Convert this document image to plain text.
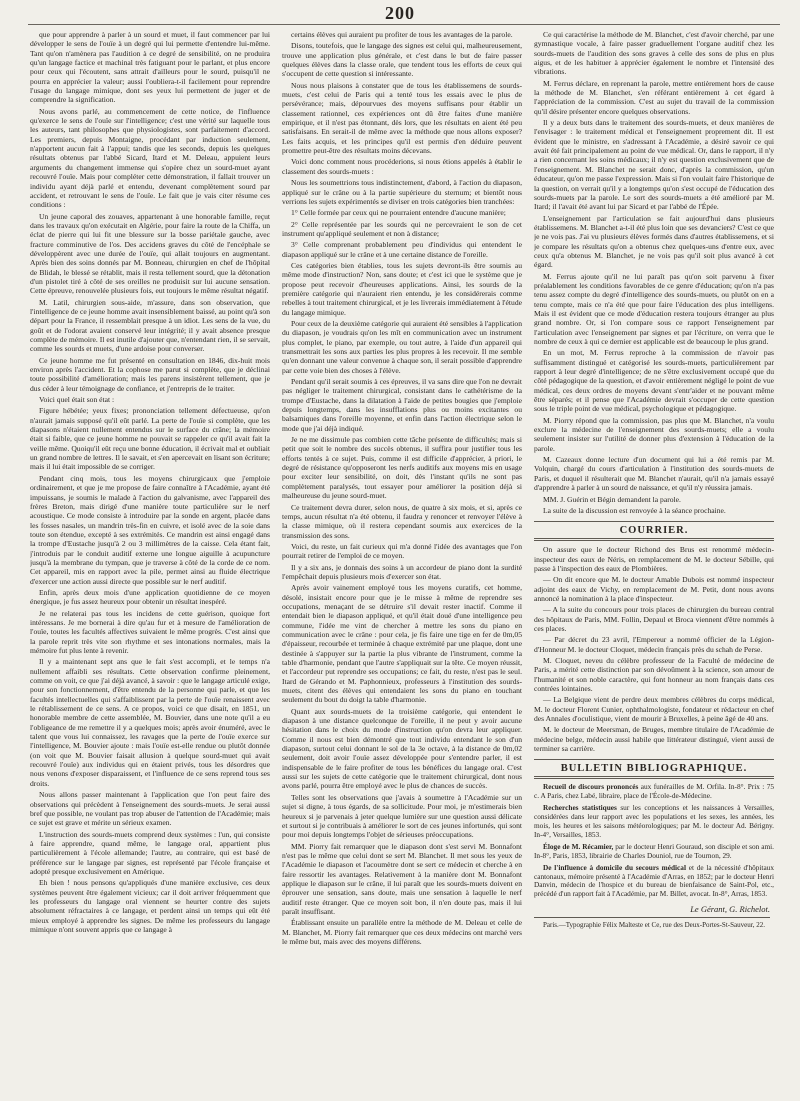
200

que pour apprendre à parler à un sourd et muet, il faut commencer par lui développer le sens de l'ouïe à un degré qui lui permette d'entendre lui-même. Tant qu'on n'amènera pas l'audition à ce degré de sensibilité, on ne produira qu'un langage factice et machinal très fatiguant pour le parlant, et plus encore pour ceux qui l'écoutent, sans attrait d'ailleurs pour le sourd, puisqu'il ne pourra en apprécier la valeur; aussi l'oubliera-t-il facilement pour reprendre l'usage du langage mimique, dont ses yeux lui permettent de juger et de comprendre la signification.

Nous avons parlé, au commencement de cette notice, de l'influence qu'exerce le sens de l'ouïe sur l'intelligence; c'est une vérité sur laquelle tous les auteurs, tant philosophes que physiologistes, sont parfaitement d'accord. Les premiers, depuis Montaigne, procédant par induction seulement, n'apportent aucun fait à l'appui; tandis que les seconds, depuis les quelques résultats obtenus par l'abbé Sicard, Itard et M. Deleau, appuient leurs arguments du changement immense qui s'opère chez un sourd-muet ayant recouvré l'ouïe. Mais pour compléter cette démonstration, il fallait trouver un individu ayant déjà parlé et entendu, devenant complètement sourd par accident, et retrouvant le sens de l'ouïe. Le fait que je vais citer résume ces conditions :

Un jeune caporal des zouaves, appartenant à une honorable famille, reçut dans les travaux qu'on exécutait en Algérie, pour faire la route de la Chiffa, un éclat de pierre qui lui fit une blessure sur la bosse pariétale gauche, avec fracture comminutive de l'os. Des accidens graves du côté de l'encéphale se développèrent avec une durée de l'ouïe, qui allait toujours en augmentant. Après bien des soins donnés par M. Bonneau, chirurgien en chef de l'hôpital de Blidah, le blessé se rétablit, mais il resta tellement sourd, que la détonation d'un pistolet tiré à côté de ses oreilles ne produisit sur lui aucune sensation. Cette épreuve, renouvelée plusieurs fois, eut toujours le même résultat négatif.

M. Latil, chirurgien sous-aide, m'assure, dans son observation, que l'intelligence de ce jeune homme avait insensiblement baissé, au point qu'à son départ pour la France, il ressemblait presque à un idiot. Les sens de la vue, du goût et de l'odorat avaient conservé leur intégrité; il y avait absence presque complète de mémoire. Il est inutile d'ajouter que, n'entendant rien, il se servait, comme les sourds et muets, d'une ardoise pour converser.

Ce jeune homme me fut présenté en consultation en 1846, dix-huit mois environ après l'accident. Et la cophose me parut si complète, que je déclinai toute possibilité d'amélioration; mais les parens insistèrent tellement, que je dus céder à leur témoignage de confiance, et j'entrepris de le traiter.

Voici quel était son état :

Figure hébétée; yeux fixes; prononciation tellement défectueuse, qu'on n'aurait jamais supposé qu'il eût parlé. La perte de l'ouïe si complète, que les diapasons n'étaient nullement entendus sur le surface du crâne; la mémoire était si faible, que ce jeune homme ne pouvait se rappeler ce qu'il avait fait la veille même. Quoiqu'il eût reçu une bonne éducation, il écrivait mal et oubliait un grand nombre de lettres. Il le savait, et s'en apercevait en lisant son écriture; mais il lui était impossible de se corriger.

Pendant cinq mois, tous les moyens chirurgicaux que j'emploie ordinairement, et que je me propose de faire connaître à l'Académie, ayant été impuissans, je soumis le malade à l'action du galvanisme, avec l'appareil des frères Breton, mais dirigé d'une manière toute particulière sur le nerf acoustique. Ce mode consiste à introduire par la sonde en argent, placée dans les fosses nasales, un mandrin très-fin en cuivre, et isolé avec de la soie dans toute son étendue, excepté à ses extrémités. Ce mandrin est ainsi engagé dans la trompe d'Eustache jusqu'à 2 ou 3 millimètres de la caisse. Cela étant fait, j'introduis par le conduit auditif externe une longue aiguille à acupuncture jusqu'à la membrane du tympan, que je traverse à côté de la corde de ce nom. Cet appareil, mis en rapport avec la pile, permet ainsi au fluide électrique d'exercer une action aussi directe que possible sur le nerf auditif.

Enfin, après deux mois d'une application quotidienne de ce moyen énergique, je fus assez heureux pour obtenir un résultat inespéré.

Je ne relaterai pas tous les incidens de cette guérison, quoique fort intéressans. Je me bornerai à dire qu'au fur et à mesure de l'amélioration de l'ouïe, toutes les facultés affectives suivaient le même progrès. C'est ainsi que la parole reprit très vite son rhythme et ses intonations normales, mais la mémoire fut plus lente à revenir.

Il y a maintenant sept ans que le fait s'est accompli, et le temps n'a nullement affaibli ses résultats. Cette observation confirme pleinement, comme on voit, ce que j'ai déjà avancé, à savoir : que le langage articulé exige, pour son fonctionnement, d'être entendu de la personne qui parle, et que les facultés intellectuelles qui s'affaiblissent par la perte de l'ouïe renaissent avec le rétablissement de ce sens. A ce propos, voici ce que disait, en 1851, un honorable membre de cette assemblée, M. Bouvier, dans une note qu'il a eu l'obligeance de me remettre il y a quelques mois; après avoir énuméré, avec le talent que vous lui connaissez, les ravages que la perte de l'ouïe exerce sur l'intelligence, M. Bouvier ajoute : mais l'ouïe est-elle rendue ou plutôt donnée (on voit que M. Bouvier faisait allusion à quelque sourd-muet qui avait recouvré l'ouïe) aux individus qui en étaient privés, tous les désordres que nous venons d'exposer disparaissent, et l'influence de ce sens reprend tous ses droits.

Nous allons passer maintenant à l'application que l'on peut faire des observations qui précèdent à l'enseignement des sourds-muets. Je serai aussi bref que possible, ne voulant pas trop abuser de l'attention de l'Académie; mais ce sujet est grave et mérite un sérieux examen.

L'instruction des sourds-muets comprend deux systèmes : l'un, qui consiste à faire apprendre, quand même, le langage oral, appartient plus particulièrement à l'école allemande; l'autre, au contraire, qui est basé de préférence sur le langage par signes, est représenté par l'école française et adopté presque exclusivement en Amérique.

Eh bien ! nous pensons qu'appliqués d'une manière exclusive, ces deux systèmes peuvent être également vicieux; car il doit arriver fréquemment que les professeurs du langage oral viennent se heurter contre des sujets absolument réfractaires à ce langage, et perdent ainsi un temps qui eût été mieux employé à apprendre les signes. De même les professeurs du langage mimique n'ont souvent appris que ce langage à

certains élèves qui auraient pu profiter de tous les avantages de la parole.

Disons, toutefois, que le langage des signes est celui qui, malheureusement, trouve une application plus générale, et c'est dans le but de faire passer quelques élèves dans la classe orale, que tendent tous les efforts de ceux qui s'occupent de cette question si intéressante.

Nous nous plaisons à constater que de tous les établissemens de sourds-muets, c'est celui de Paris qui a tenté tous les essais avec le plus de persévérance; mais, dépourvues des moyens suffisans pour établir un classement rationnel, ces expériences ont dû être faites d'une manière empirique, et il n'est pas étonnant, dès lors, que les résultats en aient été peu satisfaisans. En serait-il de même avec la méthode que nous allons exposer? Les faits acquis, et les principes qu'il est permis d'en déduire peuvent promettre peut-être des résultats moins décevans.

Voici donc comment nous procéderions, si nous étions appelés à établir le classement des sourds-muets :

Nous les soumettrions tous indistinctement, d'abord, à l'action du diapason, appliqué sur le crâne ou à la partie supérieure du sternum; et bientôt nous verrions les sujets expérimentés se diviser en trois catégories bien tranchées:

1° Celle formée par ceux qui ne pourraient entendre d'aucune manière;

2° Celle représentée par les sourds qui ne percevraient le son de cet instrument qu'appliqué seulement et non à distance;

3° Celle comprenant probablement peu d'individus qui entendent le diapason appliqué sur le crâne et à une certaine distance de l'oreille.

Ces catégories bien établies, tous les sujets devront-ils être soumis au même mode d'instruction? Non, sans doute; et c'est ici que le système que je propose peut recevoir d'heureuses applications. Ainsi, les sourds de la première catégorie qui n'auraient rien entendu, je les considérerais comme rebelles à tout traitement chirurgical, et je les livrerais immédiatement à l'étude du langage mimique.

Pour ceux de la deuxième catégorie qui auraient été sensibles à l'application du diapason, je voudrais qu'on les mît en communication avec un instrument plus complet, le piano, par exemple, ou tout autre, à l'aide d'un appareil qui transmettrait les sons aux parties les plus propres à les recevoir. Il me semble qu'en donnant une valeur convenue à chaque son, il serait possible d'apprendre par cette voie bien des choses à l'élève.

Pendant qu'il serait soumis à ces épreuves, il va sans dire que l'on ne devrait pas négliger le traitement chirurgical, consistant dans le cathétérisme de la trompe d'Eustache, dans la dilatation à l'aide de petites bougies que j'emploie depuis longtemps, dans les insufflations plus ou moins excitantes ou balsamiques dans l'oreille moyenne, et enfin dans l'action électrique selon le mode que j'ai déjà indiqué.

Je ne me dissimule pas combien cette tâche présente de difficultés; mais si petit que soit le nombre des succès obtenus, il suffira pour justifier tous les efforts tentés à ce sujet. Puis, comme il est difficile d'apprécier, à priori, le degré de résistance qu'opposeront les nerfs auditifs aux moyens mis en usage pour exciter leur sensibilité, on doit, dès l'instant qu'ils ne sont pas complètement paralysés, tout essayer pour améliorer la position déjà si malheureuse du jeune sourd-muet.

Ce traitement devra durer, selon nous, de quatre à six mois, et si, après ce temps, aucun résultat n'a été obtenu, il faudra y renoncer et renvoyer l'élève à la classe mimique, où il restera cependant soumis aux exercices de la transmission des sons.

Voici, du reste, un fait curieux qui m'a donné l'idée des avantages que l'on pourrait retirer de l'emploi de ce moyen.

Il y a six ans, je donnais des soins à un accordeur de piano dont la surdité l'empêchait depuis plusieurs mois d'exercer son état.

Après avoir vainement employé tous les moyens curatifs, cet homme, désolé, insistait encore pour que je le misse à même de reprendre ses occupations, menaçant de se détruire s'il devait rester inactif. Comme il entendait bien le diapason appliqué, et qu'il était doué d'une intelligence peu commune, l'idée me vint de chercher à mettre les sons du piano en communication avec le crâne : pour cela, je fis faire une tige en fer de 0m,05 d'épaisseur, recourbée et terminée à chaque extrémité par une plaque, dont une destinée à s'appuyer sur la partie la plus vibrante de l'instrument, comme la table d'harmonie, pendant que l'autre s'appliquait sur la tête. Ce moyen réussit, et l'accordeur put reprendre ses occupations; ce fait, du reste, n'est pas le seul. Itard de Gérando et M. Paphonnieux, professeurs à l'institution des sourds-muets, citent des élèves qui entendaient les sons du piano en touchant seulement du bout du doigt la table d'harmonie.

Quant aux sourds-muets de la troisième catégorie, qui entendent le diapason à une distance quelconque de l'oreille, il ne peut y avoir aucune hésitation dans le choix du mode d'instruction qu'on devra leur appliquer. Comme il nous est bien démontré que tout individu entendant le son d'un diapason, surtout celui donnant le sol de la 3e octave, à la distance de 0m,02 seulement, doit avoir l'ouïe assez développée pour s'entendre parler, il est indispensable de le faire profiter de tous les bénéfices du langage oral. C'est aussi sur les sujets de cette catégorie que le traitement chirurgical, dont nous avons parlé, pourra être employé avec le plus de chances de succès.

Telles sont les observations que j'avais à soumettre à l'Académie sur un sujet si digne, à tous égards, de sa sollicitude. Pour moi, je m'estimerais bien heureux si je parvenais à jeter quelque lumière sur une question aussi délicate et surtout si je contribuais à améliorer le sort de ces jeunes infortunés, qui sont pour moi depuis longtemps l'objet de sérieuses préoccupations.

MM. Piorry fait remarquer que le diapason dont s'est servi M. Bonnafont n'est pas le même que celui dont se sert M. Blanchet. Il met sous les yeux de l'Académie le diapason et l'acoumètre dont se sert ce médecin et cherche à en faire ressortir les avantages. Relativement à la manière dont M. Bonnafont applique le diapason sur le crâne, il lui paraît que les sourds-muets doivent en éprouver une sensation, sans doute, mais une sensation à laquelle le nerf auditif reste étranger. Que ce moyen soit bon, il n'en doute pas, mais il lui paraît insuffisant.

Établissant ensuite un parallèle entre la méthode de M. Deleau et celle de M. Blanchet, M. Piorry fait remarquer que ces deux médecins ont marché vers le même but, mais avec des moyens différens.

Ce qui caractérise la méthode de M. Blanchet, c'est d'avoir cherché, par une gymnastique vocale, à faire passer graduellement l'organe auditif chez les sourds-muets de l'audition des sons graves à celle des sons de plus en plus aigus, et de les habituer à apprécier également le nombre et l'intensité des vibrations.

M. Ferrus déclare, en reprenant la parole, mettre entièrement hors de cause la méthode de M. Blanchet, s'en référant entièrement à cet égard à l'appréciation de la commission. C'est au sujet du travail de la commission qu'il désire présenter encore quelques observations.

Il y a deux buts dans le traitement des sourds-muets, et deux manières de l'envisager : le traitement médical et l'enseignement proprement dit. Il est évident que le ministre, en s'adressant à l'Académie, a désiré savoir ce qui avait été fait principalement au point de vue médical. Or, dans le rapport, il n'y a rien concernant les soins médicaux; il n'y est question exclusivement que de l'enseignement. M. Blanchet ne serait donc, d'après la commission, qu'un éducateur, qu'on me passe l'expression. Mais si l'on voulait faire l'historique de la question, on verrait qu'il y a longtemps qu'on s'est occupé de l'éducation des sourds-muets par la parole. Le sort des sourds-muets a été amélioré par M. Itard; il l'avait été avant lui par Sicard et par l'abbé de l'Épée.

L'enseignement par l'articulation se fait aujourd'hui dans plusieurs établissemens. M. Blanchet a-t-il été plus loin que ses devanciers? C'est ce que je ne vois pas. J'ai vu plusieurs élèves formés dans d'autres établissemens, et si je compare les résultats qu'on a obtenus chez quelques-uns d'entre eux, avec ceux qu'a obtenus M. Blanchet, je ne vois pas qu'il soit plus avancé à cet égard.

M. Ferrus ajoute qu'il ne lui paraît pas qu'on soit parvenu à fixer préalablement les conditions favorables de ce genre d'éducation; qu'on n'a pas tenu assez compte du degré d'intelligence des sourds-muets, ou plutôt on en a tenu compte, mais ce n'a été que pour faire l'éducation des plus intelligens. Mais il est évident que ce mode d'éducation restera toujours étranger au plus grand nombre. Or, si l'on compare sous ce rapport l'enseignement par l'articulation avec l'enseignement par signes et par l'écriture, on verra que le nombre de ceux à qui ce dernier est applicable est de beaucoup le plus grand.

En un mot, M. Ferrus reproche à la commission de n'avoir pas suffisamment distingué et catégorisé les sourds-muets, particulièrement par rapport à leur degré d'intelligence; de ne s'être exclusivement occupé que du côté pédagogique de la question, et d'avoir entièrement négligé le point de vue médical, ces deux ordres de moyens devant s'entr'aider et ne pouvant même être séparés; et il pense que l'Académie devrait s'occuper de cette question sous le triple point de vue médical, psychologique et pédagogique.

M. Piorry répond que la commission, pas plus que M. Blanchet, n'a voulu exclure la médecine de l'enseignement des sourds-muets; elle a voulu seulement insister sur l'utilité de donner plus d'extension à l'éducation de la parole.

M. Cazeaux donne lecture d'un document qui lui a été remis par M. Volquin, chargé du cours d'articulation à l'institution des sourds-muets de Paris, et duquel il résulterait que M. Blanchet n'aurait, qu'il n'a jamais essayé d'apprendre à parler à un sourd de naissance, et qu'il n'y réussira jamais.

MM. J. Guérin et Bégin demandent la parole.

La suite de la discussion est renvoyée à la séance prochaine.

COURRIER.

On assure que le docteur Richond des Brus est renommé médecin-inspecteur des eaux de Néris, en remplacement de M. le docteur Sébille, qui passe à l'inspection des eaux de Plombières.

— On dit encore que M. le docteur Amable Dubois est nommé inspecteur adjoint des eaux de Vichy, en remplacement de M. Petit, dont nous avons annoncé la nomination à la place d'inspecteur.

— A la suite du concours pour trois places de chirurgien du bureau central des hôpitaux de Paris, MM. Follin, Depaul et Broca viennent d'être nommés à ces places.

— Par décret du 23 avril, l'Empereur a nommé officier de la Légion-d'Honneur M. le docteur Cloquet, médecin français près du schah de Perse.

M. Cloquet, neveu du célèbre professeur de la Faculté de médecine de Paris, a mérité cette distinction par son dévoûment à la science, son amour de l'humanité et son noble caractère, qui font honneur au nom français dans ces contrées lointaines.

— La Belgique vient de perdre deux membres célèbres du corps médical, M. le docteur Florent Cunier, ophthalmologiste, fondateur et rédacteur en chef des Annales d'oculistique, vient de mourir à Bruxelles, à peine âgé de 40 ans.

M. le docteur de Meersman, de Bruges, membre titulaire de l'Académie de médecine belge, médecin aussi habile que littérateur distingué, vient aussi de terminer sa carrière.

BULLETIN BIBLIOGRAPHIQUE.
Recueil de discours prononcés aux funérailles de M. Orfila. In-8°. Prix : 75 c. A Paris, chez Labé, libraire, place de l'École-de-Médecine.
Recherches statistiques sur les conceptions et les naissances à Versailles, considérées dans leur rapport avec les populations et les sexes, les années, les mois, les heures et les saisons météorologiques; par M. le docteur Ad. Bérigny. In-4°, Versailles, 1853.
Éloge de M. Récamier, par le docteur Henri Gouraud, son disciple et son ami. In-8°, Paris, 1853, librairie de Charles Douniol, rue de Tournon, 29.
De l'influence à domicile du secours médical et de la nécessité d'hôpitaux cantonaux, mémoire présenté à l'Académie d'Arras, en 1852; par le docteur Henri Danvin, médecin de l'hospice et du bureau de bienfaisance de Saint-Pol, etc., précédé d'un rapport fait à l'Académie, par M. Billet, avocat. In-8°, Arras, 1853.
Le Gérant, G. Richelot.
Paris.—Typographie Félix Malteste et Ce, rue des Deux-Portes-St-Sauveur, 22.
